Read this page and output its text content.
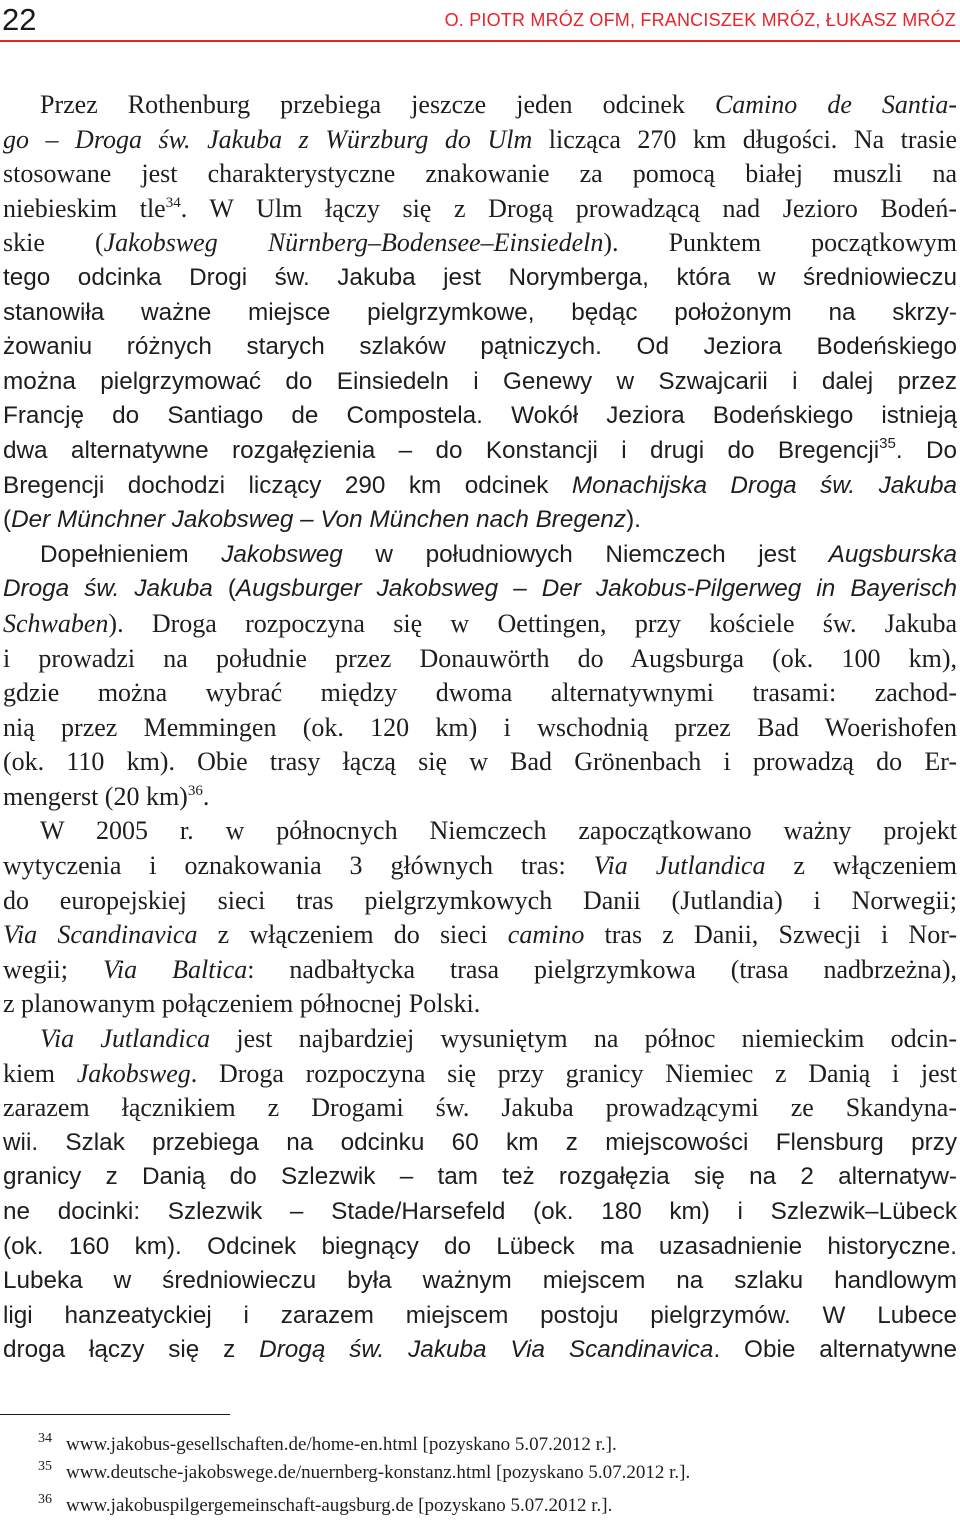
22	O. PIOTR MRÓZ OFM, FRANCISZEK MRÓZ, ŁUKASZ MRÓZ
Przez Rothenburg przebiega jeszcze jeden odcinek Camino de Santia-
go – Droga św. Jakuba z Würzburg do Ulm licząca 270 km długości. Na trasie
stosowane jest charakterystyczne znakowanie za pomocą białej muszli na
niebieskim tle$^{34}$. W Ulm łączy się z Drogą prowadzącą nad Jezioro Bodeń-
skie (Jakobsweg Nürnberg–Bodensee–Einsiedeln). Punktem początkowym
tego odcinka Drogi św. Jakuba jest Norymberga, która w średniowieczu
stanowiła ważne miejsce pielgrzymkowe, będąc położonym na skrzy-
żowaniu różnych starych szlaków pątniczych. Od Jeziora Bodeńskiego
można pielgrzymować do Einsiedeln i Genewy w Szwajcarii i dalej przez
Francję do Santiago de Compostela. Wokół Jeziora Bodeńskiego istnieją
dwa alternatywne rozgałęzienia – do Konstancji i drugi do Bregencji$^{35}$. Do
Bregencji dochodzi liczący 290 km odcinek Monachijska Droga św. Jakuba
(Der Münchner Jakobsweg – Von München nach Bregenz).
Dopełnieniem Jakobsweg w południowych Niemczech jest Augsburska
Droga św. Jakuba (Augsburger Jakobsweg – Der Jakobus-Pilgerweg in Bayerisch
Schwaben). Droga rozpoczyna się w Oettingen, przy kościele św. Jakuba
i prowadzi na południe przez Donauwörth do Augsburga (ok. 100 km),
gdzie można wybrać między dwoma alternatywnymi trasami: zachod-
nią przez Memmingen (ok. 120 km) i wschodnią przez Bad Woerishofen
(ok. 110 km). Obie trasy łączą się w Bad Grönenbach i prowadzą do Er-
mengerst (20 km)$^{36}$.
W 2005 r. w północnych Niemczech zapoczątkowano ważny projekt
wytyczenia i oznakowania 3 głównych tras: Via Jutlandica z włączeniem
do europejskiej sieci tras pielgrzymkowych Danii (Jutlandia) i Norwegii;
Via Scandinavica z włączeniem do sieci camino tras z Danii, Szwecji i Nor-
wegii; Via Baltica: nadbałtycka trasa pielgrzymkowa (trasa nadbrzeżna),
z planowanym połączeniem północnej Polski.
Via Jutlandica jest najbardziej wysuniętym na północ niemieckim odcin-
kiem Jakobsweg. Droga rozpoczyna się przy granicy Niemiec z Danią i jest
zarazem łącznikiem z Drogami św. Jakuba prowadzącymi ze Skandyna-
wii. Szlak przebiega na odcinku 60 km z miejscowości Flensburg przy
granicy z Danią do Szlezwik – tam też rozgałęzia się na 2 alternatyw-
ne docinki: Szlezwik – Stade/Harsefeld (ok. 180 km) i Szlezwik–Lübeck
(ok. 160 km). Odcinek biegnący do Lübeck ma uzasadnienie historyczne.
Lubeka w średniowieczu była ważnym miejscem na szlaku handlowym
ligi hanzeatyckiej i zarazem miejscem postoju pielgrzymów. W Lubece
droga łączy się z Drogą św. Jakuba Via Scandinavica. Obie alternatywne
34 www.jakobus-gesellschaften.de/home-en.html [pozyskano 5.07.2012 r.].
35 www.deutsche-jakobswege.de/nuernberg-konstanz.html [pozyskano 5.07.2012 r.].
36 www.jakobuspilgergemeinschaft-augsburg.de [pozyskano 5.07.2012 r.].
